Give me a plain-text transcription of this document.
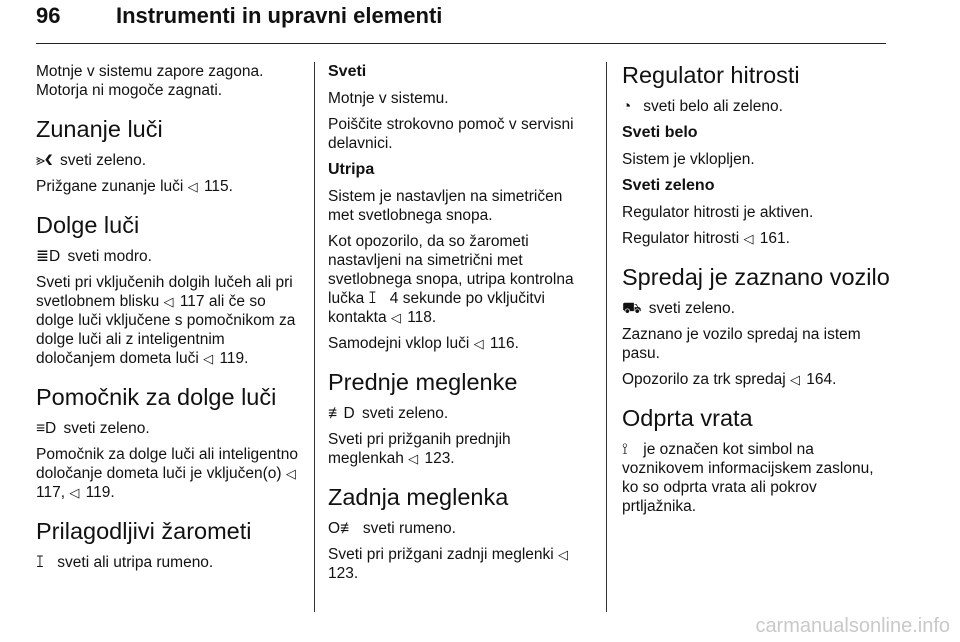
96	Instrumenti in upravni elementi

Motnje v sistemu zapore zagona.
Motorja ni mogoče zagnati.

Zunanje luči

⪢❮ sveti zeleno.

Prižgane zunanje luči ◁ 115.

Dolge luči

≣D sveti modro.

Sveti pri vključenih dolgih lučeh ali pri svetlobnem blisku ◁ 117 ali če so dolge luči vključene s pomočnikom za dolge luči ali z inteligentnim določanjem dometa luči ◁ 119.

Pomočnik za dolge luči

≡D sveti zeleno.

Pomočnik za dolge luči ali inteligentno določanje dometa luči je vključen(o) ◁ 117, ◁ 119.

Prilagodljivi žarometi

ꕯ sveti ali utripa rumeno.

Sveti

Motnje v sistemu.

Poiščite strokovno pomoč v servisni delavnici.

Utripa

Sistem je nastavljen na simetričen met svetlobnega snopa.

Kot opozorilo, da so žarometi nastavljeni na simetrični met svetlobnega snopa, utripa kontrolna lučka ꕯ 4 sekunde po vključitvi kontakta ◁ 118.

Samodejni vklop luči ◁ 116.

Prednje meglenke

≢D sveti zeleno.

Sveti pri prižganih prednjih meglenkah ◁ 123.

Zadnja meglenka

O≢ sveti rumeno.

Sveti pri prižgani zadnji meglenki ◁ 123.

Regulator hitrosti

◔ sveti belo ali zeleno.

Sveti belo

Sistem je vklopljen.

Sveti zeleno

Regulator hitrosti je aktiven.

Regulator hitrosti ◁ 161.

Spredaj je zaznano vozilo

⛟ sveti zeleno.

Zaznano je vozilo spredaj na istem pasu.

Opozorilo za trk spredaj ◁ 164.

Odprta vrata

⟟ je označen kot simbol na voznikovem informacijskem zaslonu, ko so odprta vrata ali pokrov prtljažnika.

carmanualsonline.info
